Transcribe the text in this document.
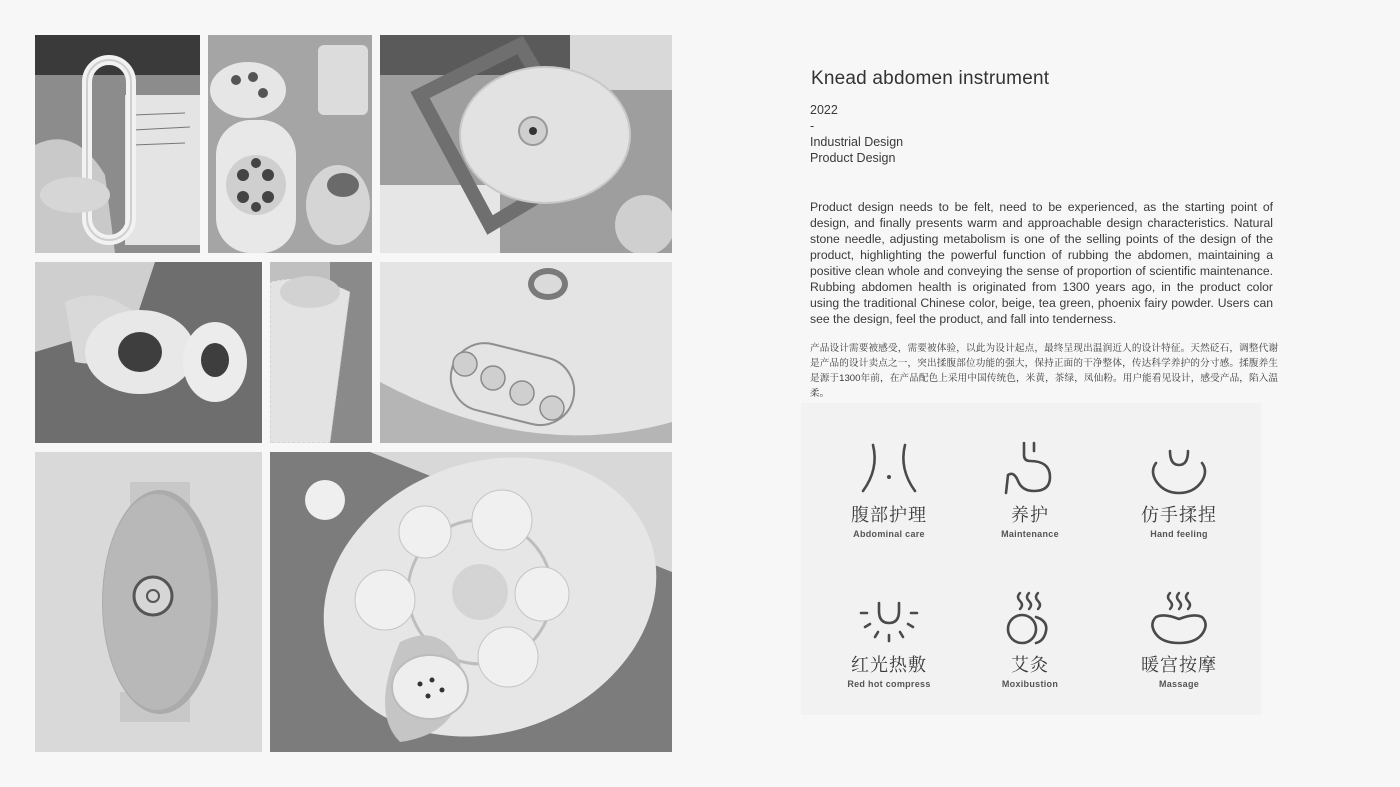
Knead abdomen instrument
2022
-
Industrial Design
Product Design
Product design needs to be felt, need to be experienced, as the starting point of design, and finally presents warm and approachable design characteristics. Natural stone needle, adjusting metabolism is one of the selling points of the design of the product, highlighting the powerful function of rubbing the abdomen, maintaining a positive clean whole and conveying the sense of proportion of scientific maintenance. Rubbing abdomen health is originated from 1300 years ago, in the product color using the traditional Chinese color, beige, tea green, phoenix fairy powder. Users can see the design, feel the product, and fall into tenderness.
产品设计需要被感受，需要被体验，以此为设计起点，最终呈现出温润近人的设计特征。天然砭石，调整代谢是产品的设计卖点之一，突出揉腹部位功能的强大，保持正面的干净整体，传达科学养护的分寸感。揉腹养生是源于1300年前，在产品配色上采用中国传统色，米黄，茶绿，凤仙粉。用户能看见设计，感受产品，陷入温柔。
腹部护理
Abdominal care
养护
Maintenance
仿手揉捏
Hand feeling
红光热敷
Red hot compress
艾灸
Moxibustion
暖宫按摩
Massage
